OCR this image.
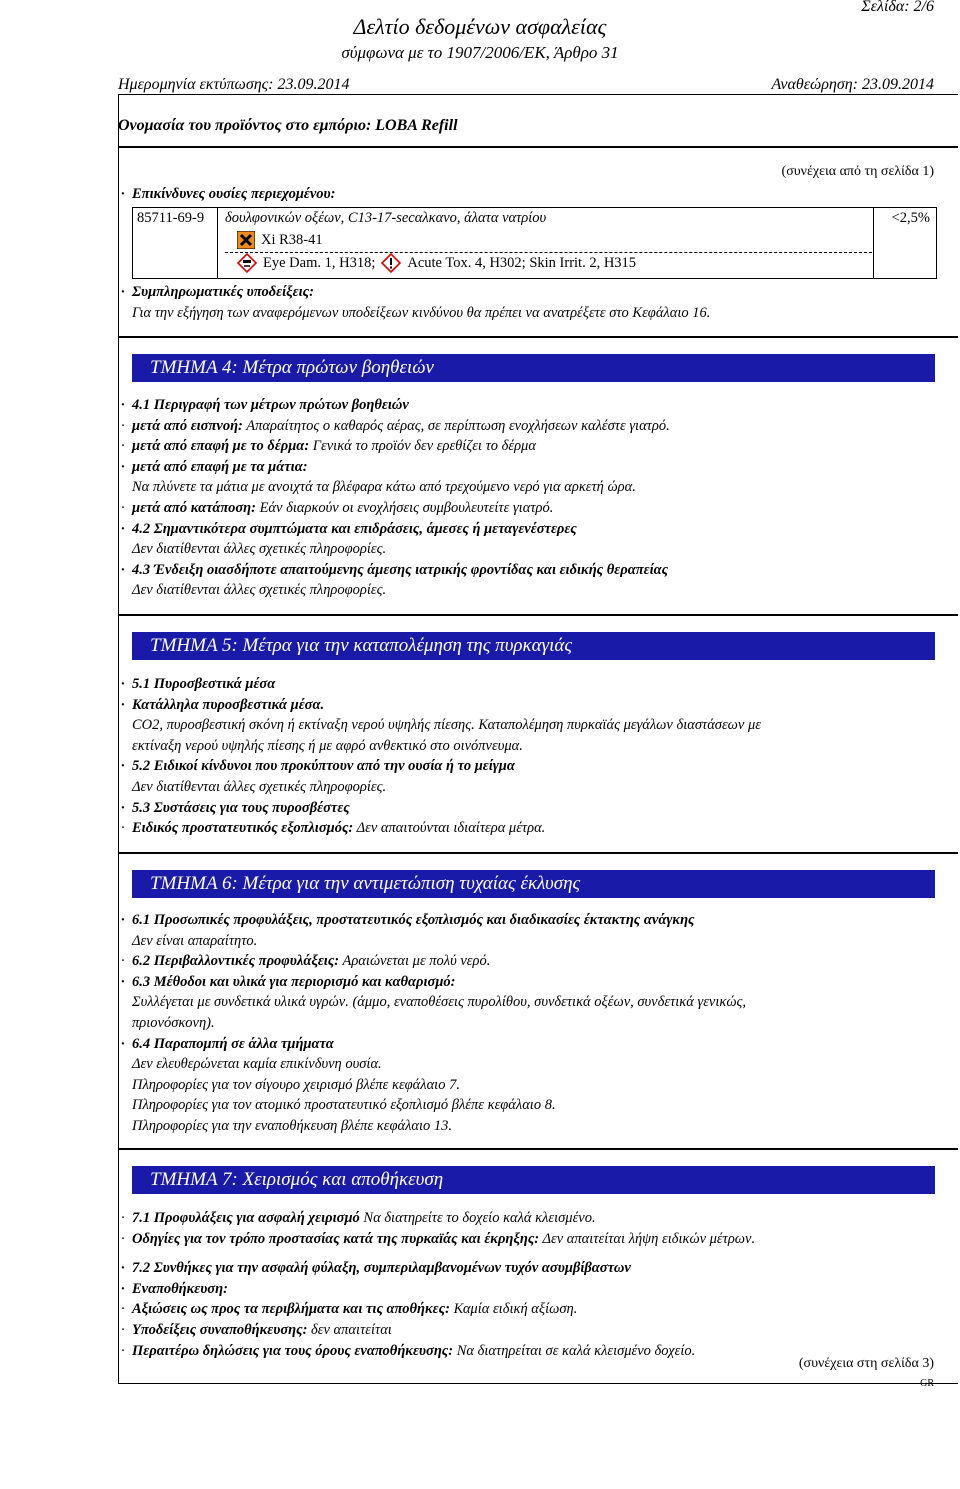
Σελίδα: 2/6
Δελτίο δεδομένων ασφαλείας
σύμφωνα με το 1907/2006/ΕΚ, Άρθρο 31
Ημερομηνία εκτύπωσης: 23.09.2014	Αναθεώρηση: 23.09.2014
Ονομασία του προϊόντος στο εμπόριο: LOBA Refill
(συνέχεια από τη σελίδα 1)
· Επικίνδυνες ουσίες περιεχομένου:
85711-69-9 δουλφονικών οξέων, C13-17-secαλκανο, άλατα νατρίου
Xi R38-41
Eye Dam. 1, H318; Acute Tox. 4, H302; Skin Irrit. 2, H315
<2,5%
· Συμπληρωματικές υποδείξεις:
Για την εξήγηση των αναφερόμενων υποδείξεων κινδύνου θα πρέπει να ανατρέξετε στο Κεφάλαιο 16.
ΤΜΗΜΑ 4: Μέτρα πρώτων βοηθειών
· 4.1 Περιγραφή των μέτρων πρώτων βοηθειών
· μετά από εισπνοή: Απαραίτητος ο καθαρός αέρας, σε περίπτωση ενοχλήσεων καλέστε γιατρό.
· μετά από επαφή με το δέρμα: Γενικά το προϊόν δεν ερεθίζει το δέρμα
· μετά από επαφή με τα μάτια:
Να πλύνετε τα μάτια με ανοιχτά τα βλέφαρα κάτω από τρεχούμενο νερό για αρκετή ώρα.
· μετά από κατάποση: Εάν διαρκούν οι ενοχλήσεις συμβουλευτείτε γιατρό.
· 4.2 Σημαντικότερα συμπτώματα και επιδράσεις, άμεσες ή μεταγενέστερες
Δεν διατίθενται άλλες σχετικές πληροφορίες.
· 4.3 Ένδειξη οιασδήποτε απαιτούμενης άμεσης ιατρικής φροντίδας και ειδικής θεραπείας
Δεν διατίθενται άλλες σχετικές πληροφορίες.
ΤΜΗΜΑ 5: Μέτρα για την καταπολέμηση της πυρκαγιάς
· 5.1 Πυροσβεστικά μέσα
· Κατάλληλα πυροσβεστικά μέσα.
CO2, πυροσβεστική σκόνη ή εκτίναξη νερού υψηλής πίεσης. Καταπολέμηση πυρκαϊάς μεγάλων διαστάσεων με
εκτίναξη νερού υψηλής πίεσης ή με αφρό ανθεκτικό στο οινόπνευμα.
· 5.2 Ειδικοί κίνδυνοι που προκύπτουν από την ουσία ή το μείγμα
Δεν διατίθενται άλλες σχετικές πληροφορίες.
· 5.3 Συστάσεις για τους πυροσβέστες
· Ειδικός προστατευτικός εξοπλισμός: Δεν απαιτούνται ιδιαίτερα μέτρα.
ΤΜΗΜΑ 6: Μέτρα για την αντιμετώπιση τυχαίας έκλυσης
· 6.1 Προσωπικές προφυλάξεις, προστατευτικός εξοπλισμός και διαδικασίες έκτακτης ανάγκης
Δεν είναι απαραίτητο.
· 6.2 Περιβαλλοντικές προφυλάξεις: Αραιώνεται με πολύ νερό.
· 6.3 Μέθοδοι και υλικά για περιορισμό και καθαρισμό:
Συλλέγεται με συνδετικά υλικά υγρών. (άμμο, εναποθέσεις πυρολίθου, συνδετικά οξέων, συνδετικά γενικώς,
πριονόσκονη).
· 6.4 Παραπομπή σε άλλα τμήματα
Δεν ελευθερώνεται καμία επικίνδυνη ουσία.
Πληροφορίες για τον σίγουρο χειρισμό βλέπε κεφάλαιο 7.
Πληροφορίες για τον ατομικό προστατευτικό εξοπλισμό βλέπε κεφάλαιο 8.
Πληροφορίες για την εναποθήκευση βλέπε κεφάλαιο 13.
ΤΜΗΜΑ 7: Χειρισμός και αποθήκευση
· 7.1 Προφυλάξεις για ασφαλή χειρισμό Να διατηρείτε το δοχείο καλά κλεισμένο.
· Οδηγίες για τον τρόπο προστασίας κατά της πυρκαϊάς και έκρηξης: Δεν απαιτείται λήψη ειδικών μέτρων.
· 7.2 Συνθήκες για την ασφαλή φύλαξη, συμπεριλαμβανομένων τυχόν ασυμβίβαστων
· Εναποθήκευση:
· Αξιώσεις ως προς τα περιβλήματα και τις αποθήκες: Καμία ειδική αξίωση.
· Υποδείξεις συναποθήκευσης: δεν απαιτείται
· Περαιτέρω δηλώσεις για τους όρους εναποθήκευσης: Να διατηρείται σε καλά κλεισμένο δοχείο.
(συνέχεια στη σελίδα 3)
GR
